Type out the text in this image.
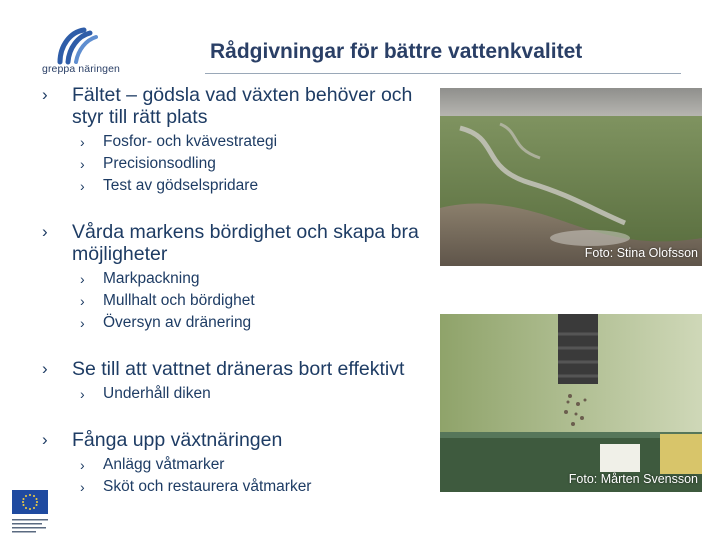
greppa näringen
Rådgivningar för bättre vattenkvalitet
› Fältet – gödsla vad växten behöver och styr till rätt plats
› Fosfor- och kvävestrategi
› Precisionsodling
› Test av gödselspridare
› Vårda markens bördighet och skapa bra möjligheter
› Markpackning
› Mullhalt och bördighet
› Översyn av dränering
› Se till att vattnet dräneras bort effektivt
› Underhåll diken
› Fånga upp växtnäringen
› Anlägg våtmarker
› Sköt och restaurera våtmarker
Foto: Stina Olofsson
Foto: Mårten Svensson
